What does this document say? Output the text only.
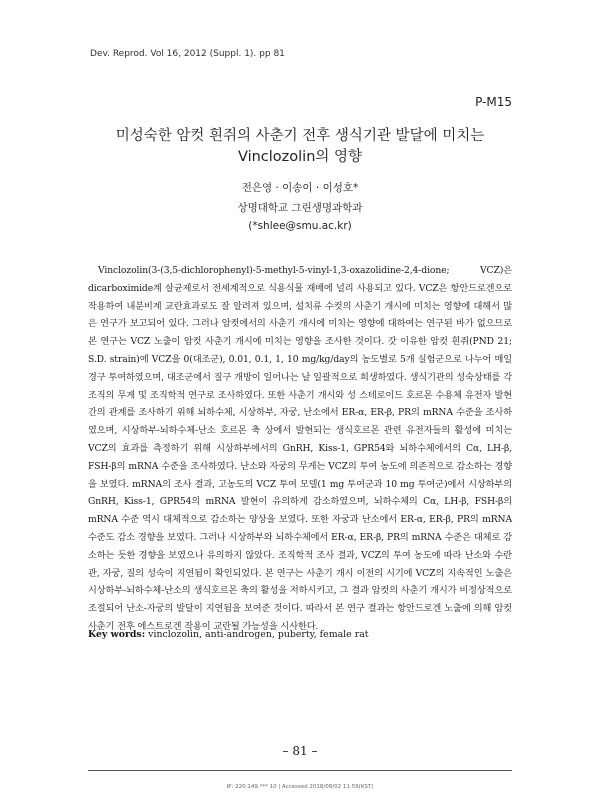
Dev. Reprod. Vol 16, 2012 (Suppl. 1). pp 81
P-M15
미성숙한 암컷 흰쥐의 사춘기 전후 생식기관 발달에 미치는
Vinclozolin의 영향
전은영 · 이송이 · 이성호*
상명대학교 그린생명과학과
(*shlee@smu.ac.kr)
Vinclozolin(3-(3,5-dichlorophenyl)-5-methyl-5-vinyl-1,3-oxazolidine-2,4-dione; VCZ)은 dicarboximide계 살균제로서 전세계적으로 식용식물 재배에 널리 사용되고 있다. VCZ은 항안드로겐으로 작용하여 내분비계 교란효과로도 잘 알려져 있으며, 설치류 수컷의 사춘기 개시에 미치는 영향에 대해서 많은 연구가 보고되어 있다. 그러나 암컷에서의 사춘기 개시에 미치는 영향에 대하여는 연구된 바가 없으므로 본 연구는 VCZ 노출이 암컷 사춘기 개시에 미치는 영향을 조사한 것이다. 갓 이유한 암컷 흰쥐(PND 21; S.D. strain)에 VCZ을 0(대조군), 0.01, 0.1, 1, 10 mg/kg/day의 농도별로 5개 실험군으로 나누어 매일 경구 투여하였으며, 대조군에서 질구 개방이 일어나는 날 일괄적으로 희생하였다. 생식기관의 성숙상태를 각 조직의 무게 및 조직학적 연구로 조사하였다. 또한 사춘기 개시와 성 스테로이드 호르몬 수용체 유전자 발현간의 관계를 조사하기 위해 뇌하수체, 시상하부, 자궁, 난소에서 ER-α, ER-β, PR의 mRNA 수준을 조사하였으며, 시상하부-뇌하수체-난소 호르몬 축 상에서 발현되는 생식호르몬 관련 유전자들의 활성에 미치는 VCZ의 효과를 측정하기 위해 시상하부에서의 GnRH, Kiss-1, GPR54와 뇌하수체에서의 Cα, LH-β, FSH-β의 mRNA 수준을 조사하였다. 난소와 자궁의 무게는 VCZ의 투여 농도에 의존적으로 감소하는 경향을 보였다. mRNA의 조사 결과, 고농도의 VCZ 투여 모델(1 mg 투여군과 10 mg 투여군)에서 시상하부의 GnRH, Kiss-1, GPR54의 mRNA 발현이 유의하게 감소하였으며, 뇌하수체의 Cα, LH-β, FSH-β의 mRNA 수준 역시 대체적으로 감소하는 양상을 보였다. 또한 자궁과 난소에서 ER-α, ER-β, PR의 mRNA 수준도 감소 경향을 보였다. 그러나 시상하부와 뇌하수체에서 ER-α, ER-β, PR의 mRNA 수준은 대체로 감소하는 듯한 경향을 보였으나 유의하지 않았다. 조직학적 조사 결과, VCZ의 투여 농도에 따라 난소와 수란관, 자궁, 질의 성숙이 지연됨이 확인되었다. 본 연구는 사춘기 개시 이전의 시기에 VCZ의 지속적인 노출은 시상하부-뇌하수체-난소의 생식호르몬 축의 활성을 저하시키고, 그 결과 암컷의 사춘기 개시가 비정상적으로 조절되어 난소-자궁의 발달이 지연됨을 보여준 것이다. 따라서 본 연구 결과는 항안드로겐 노출에 의해 암컷 사춘기 전후 에스트로겐 작용이 교란될 가능성을 시사한다.
Key words: vinclozolin, anti-androgen, puberty, female rat
– 81 –
IP: 220.149.*** 10 | Accessed 2018/08/02 11:59(KST)
